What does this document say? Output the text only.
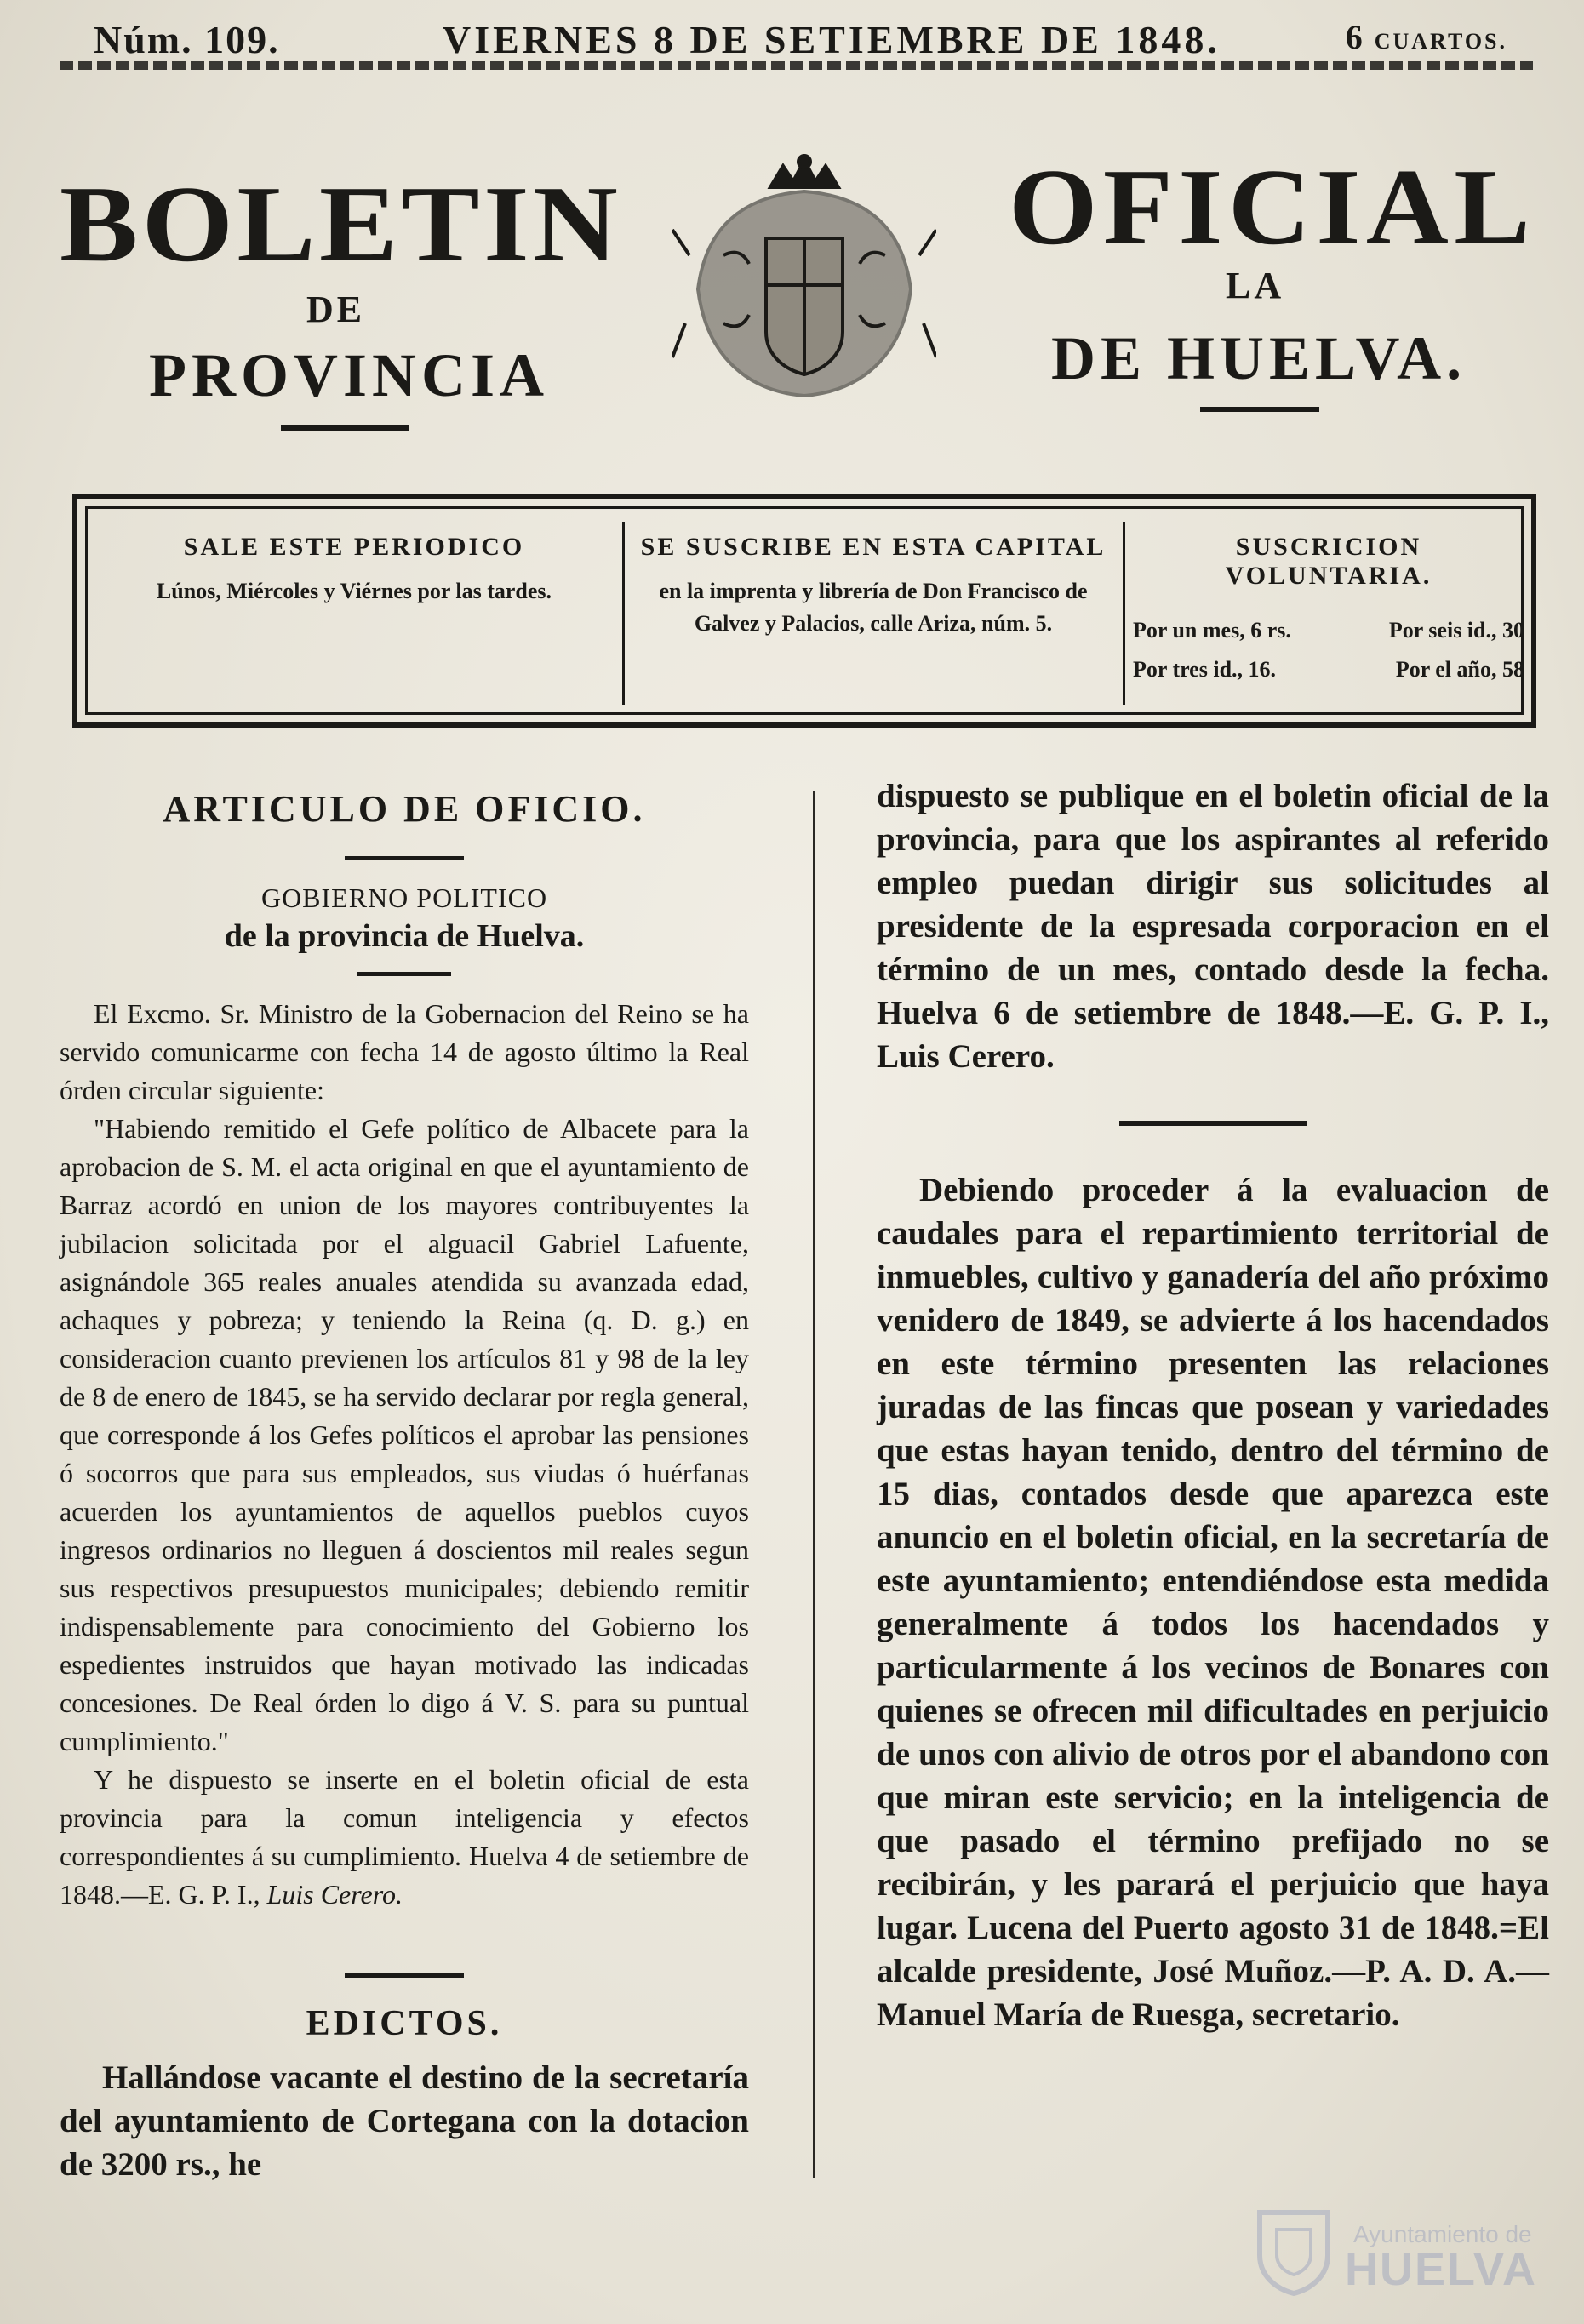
Núm. 109.	VIERNES 8 DE SETIEMBRE DE 1848.	6 CUARTOS.
BOLETIN
DE
PROVINCIA
OFICIAL
LA
DE HUELVA.
SALE ESTE PERIODICO
Lúnos, Miércoles y Viérnes por las tardes.
SE SUSCRIBE EN ESTA CAPITAL
en la imprenta y librería de Don Francisco de Galvez y Palacios, calle Ariza, núm. 5.
SUSCRICION VOLUNTARIA.
Por un mes, 6 rs.	Por seis id., 30
Por tres id., 16.	Por el año, 58
ARTICULO DE OFICIO.
GOBIERNO POLITICO
de la provincia de Huelva.

El Excmo. Sr. Ministro de la Gobernacion del Reino se ha servido comunicarme con fecha 14 de agosto último la Real órden circular siguiente:

"Habiendo remitido el Gefe político de Albacete para la aprobacion de S. M. el acta original en que el ayuntamiento de Barraz acordó en union de los mayores contribuyentes la jubilacion solicitada por el alguacil Gabriel Lafuente, asignándole 365 reales anuales atendida su avanzada edad, achaques y pobreza; y teniendo la Reina (q. D. g.) en consideracion cuanto previenen los artículos 81 y 98 de la ley de 8 de enero de 1845, se ha servido declarar por regla general, que corresponde á los Gefes políticos el aprobar las pensiones ó socorros que para sus empleados, sus viudas ó huérfanas acuerden los ayuntamientos de aquellos pueblos cuyos ingresos ordinarios no lleguen á doscientos mil reales segun sus respectivos presupuestos municipales; debiendo remitir indispensablemente para conocimiento del Gobierno los espedientes instruidos que hayan motivado las indicadas concesiones. De Real órden lo digo á V. S. para su puntual cumplimiento."

Y he dispuesto se inserte en el boletin oficial de esta provincia para la comun inteligencia y efectos correspondientes á su cumplimiento. Huelva 4 de setiembre de 1848.—E. G. P. I., Luis Cerero.

EDICTOS.

Hallándose vacante el destino de la secretaría del ayuntamiento de Cortegana con la dotacion de 3200 rs., he

dispuesto se publique en el boletin oficial de la provincia, para que los aspirantes al referido empleo puedan dirigir sus solicitudes al presidente de la espresada corporacion en el término de un mes, contado desde la fecha. Huelva 6 de setiembre de 1848.—E. G. P. I., Luis Cerero.

Debiendo proceder á la evaluacion de caudales para el repartimiento territorial de inmuebles, cultivo y ganadería del año próximo venidero de 1849, se advierte á los hacendados en este término presenten las relaciones juradas de las fincas que posean y variedades que estas hayan tenido, dentro del término de 15 dias, contados desde que aparezca este anuncio en el boletin oficial, en la secretaría de este ayuntamiento; entendiéndose esta medida generalmente á todos los hacendados y particularmente á los vecinos de Bonares con quienes se ofrecen mil dificultades en perjuicio de unos con alivio de otros por el abandono con que miran este servicio; en la inteligencia de que pasado el término prefijado no se recibirán, y les parará el perjuicio que haya lugar. Lucena del Puerto agosto 31 de 1848.=El alcalde presidente, José Muñoz.—P. A. D. A.—Manuel María de Ruesga, secretario.

Ayuntamiento de
HUELVA
